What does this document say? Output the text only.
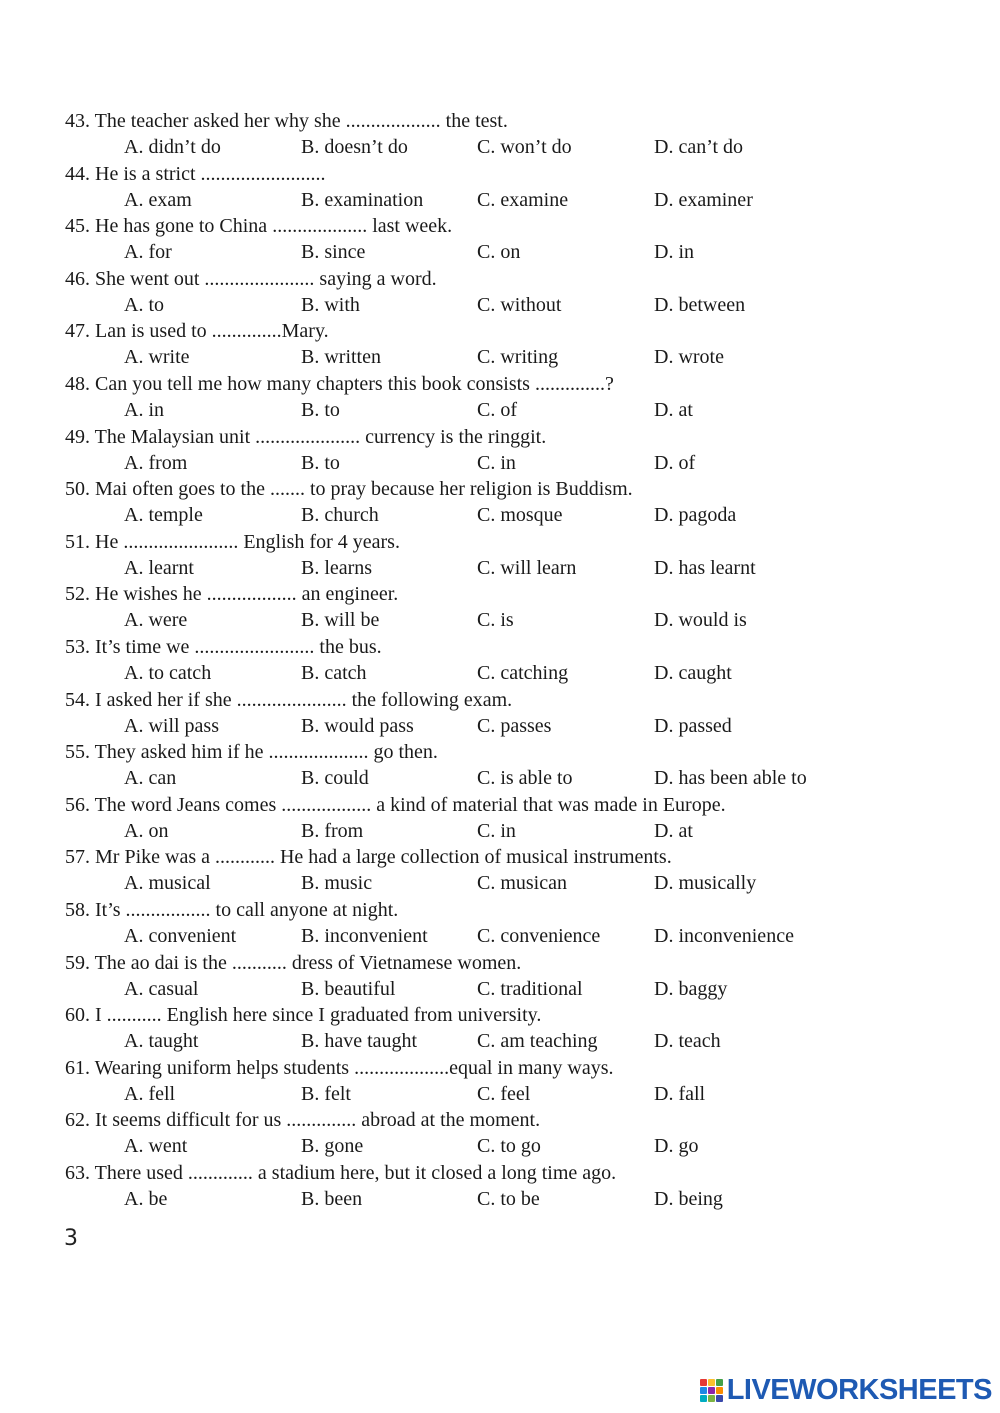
43. The teacher asked her why she ................... the test.
A. didn’t do	B. doesn’t do	C. won’t do	D. can’t do
44. He is a strict .........................
A. exam	B. examination	C. examine	D. examiner
45. He has gone to China ................... last week.
A. for	B. since	C. on	D. in
46. She went out ...................... saying a word.
A. to	B. with	C. without	D. between
47. Lan is used to ..............Mary.
A. write	B. written	C. writing	D. wrote
48. Can you tell me how many chapters this book consists ..............?
A. in	B. to	C. of	D. at
49. The Malaysian unit ..................... currency is the ringgit.
A. from	B. to	C. in	D. of
50. Mai often goes to the ....... to pray because her religion is Buddism.
A. temple	B. church	C. mosque	D. pagoda
51. He ....................... English for 4 years.
A. learnt	B. learns	C. will learn	D. has learnt
52. He wishes he .................. an engineer.
A. were	B. will be	C. is	D. would is
53. It’s time we ........................ the bus.
A. to catch	B. catch	C. catching	D. caught
54. I asked her if she ...................... the following exam.
A. will pass	B. would pass	C. passes	D. passed
55. They asked him if he .................... go then.
A. can	B. could	C. is able to	D. has been able to
56. The word Jeans comes .................. a kind of material that was made in Europe.
A. on	B. from	C. in	D. at
57. Mr Pike was a ............ He had a large collection of musical instruments.
A. musical	B. music	C. musican	D. musically
58. It’s ................. to call anyone at night.
A. convenient	B. inconvenient C. convenience	D. inconvenience
59. The ao dai is the ........... dress of Vietnamese women.
A. casual	B. beautiful	C. traditional	D. baggy
60. I ........... English here since I graduated from university.
A. taught	B. have taught	C. am teaching	D. teach
61. Wearing uniform helps students ...................equal in many ways.
A. fell	B. felt	C. feel	D. fall
62. It seems difficult for us .............. abroad at the moment.
A. went	B. gone	C. to go	D. go
63. There used ............. a stadium here, but it closed a long time ago.
A. be	B. been	C. to be	D. being
3
LIVEWORKSHEETS
